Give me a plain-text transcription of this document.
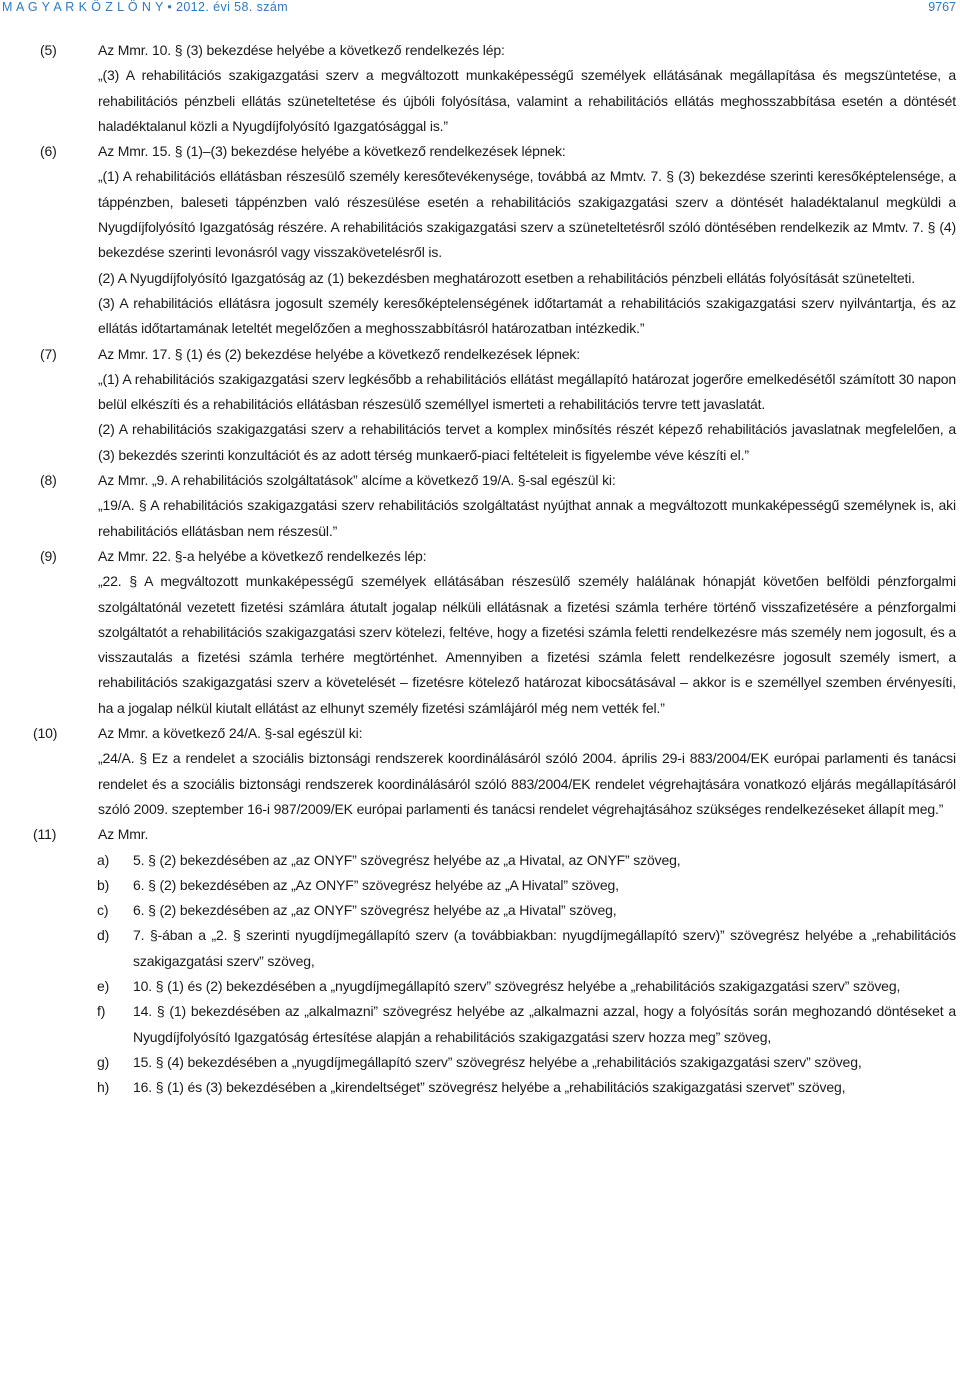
M A G Y A R K Ö Z L Ö N Y • 2012. évi 58. szám	9767
(5)	Az Mmr. 10. § (3) bekezdése helyébe a következő rendelkezés lép:

„(3) A rehabilitációs szakigazgatási szerv a megváltozott munkaképességű személyek ellátásának megállapítása és megszüntetése, a rehabilitációs pénzbeli ellátás szüneteltetése és újbóli folyósítása, valamint a rehabilitációs ellátás meghosszabbítása esetén a döntését haladéktalanul közli a Nyugdíjfolyósító Igazgatósággal is.”

(6)	Az Mmr. 15. § (1)–(3) bekezdése helyébe a következő rendelkezések lépnek:

„(1) A rehabilitációs ellátásban részesülő személy keresőtevékenysége, továbbá az Mmtv. 7. § (3) bekezdése szerinti keresőképtelensége, a táppénzben, baleseti táppénzben való részesülése esetén a rehabilitációs szakigazgatási szerv a döntését haladéktalanul megküldi a Nyugdíjfolyósító Igazgatóság részére. A rehabilitációs szakigazgatási szerv a szüneteltetésről szóló döntésében rendelkezik az Mmtv. 7. § (4) bekezdése szerinti levonásról vagy visszakövetelésről is.

(2) A Nyugdíjfolyósító Igazgatóság az (1) bekezdésben meghatározott esetben a rehabilitációs pénzbeli ellátás folyósítását szünetelteti.

(3) A rehabilitációs ellátásra jogosult személy keresőképtelenségének időtartamát a rehabilitációs szakigazgatási szerv nyilvántartja, és az ellátás időtartamának leteltét megelőzően a meghosszabbításról határozatban intézkedik.”

(7)	Az Mmr. 17. § (1) és (2) bekezdése helyébe a következő rendelkezések lépnek:

„(1) A rehabilitációs szakigazgatási szerv legkésőbb a rehabilitációs ellátást megállapító határozat jogerőre emelkedésétől számított 30 napon belül elkészíti és a rehabilitációs ellátásban részesülő személlyel ismerteti a rehabilitációs tervre tett javaslatát.

(2) A rehabilitációs szakigazgatási szerv a rehabilitációs tervet a komplex minősítés részét képező rehabilitációs javaslatnak megfelelően, a (3) bekezdés szerinti konzultációt és az adott térség munkaerő-piaci feltételeit is figyelembe véve készíti el.”

(8)	Az Mmr. „9. A rehabilitációs szolgáltatások” alcíme a következő 19/A. §-sal egészül ki:

„19/A. § A rehabilitációs szakigazgatási szerv rehabilitációs szolgáltatást nyújthat annak a megváltozott munkaképességű személynek is, aki rehabilitációs ellátásban nem részesül.”

(9)	Az Mmr. 22. §-a helyébe a következő rendelkezés lép:

„22. § A megváltozott munkaképességű személyek ellátásában részesülő személy halálának hónapját követően belföldi pénzforgalmi szolgáltatónál vezetett fizetési számlára átutalt jogalap nélküli ellátásnak a fizetési számla terhére történő visszafizetésére a pénzforgalmi szolgáltatót a rehabilitációs szakigazgatási szerv kötelezi, feltéve, hogy a fizetési számla feletti rendelkezésre más személy nem jogosult, és a visszautalás a fizetési számla terhére megtörténhet. Amennyiben a fizetési számla felett rendelkezésre jogosult személy ismert, a rehabilitációs szakigazgatási szerv a követelését – fizetésre kötelező határozat kibocsátásával – akkor is e személlyel szemben érvényesíti, ha a jogalap nélkül kiutalt ellátást az elhunyt személy fizetési számlájáról még nem vették fel.”

(10)	Az Mmr. a következő 24/A. §-sal egészül ki:

„24/A. § Ez a rendelet a szociális biztonsági rendszerek koordinálásáról szóló 2004. április 29-i 883/2004/EK európai parlamenti és tanácsi rendelet és a szociális biztonsági rendszerek koordinálásáról szóló 883/2004/EK rendelet végrehajtására vonatkozó eljárás megállapításáról szóló 2009. szeptember 16-i 987/2009/EK európai parlamenti és tanácsi rendelet végrehajtásához szükséges rendelkezéseket állapít meg.”

(11)	Az Mmr.

a)	5. § (2) bekezdésében az „az ONYF” szövegrész helyébe az „a Hivatal, az ONYF” szöveg,

b)	6. § (2) bekezdésében az „Az ONYF” szövegrész helyébe az „A Hivatal” szöveg,

c)	6. § (2) bekezdésében az „az ONYF” szövegrész helyébe az „a Hivatal” szöveg,

d)	7. §-ában a „2. § szerinti nyugdíjmegállapító szerv (a továbbiakban: nyugdíjmegállapító szerv)” szövegrész helyébe a „rehabilitációs szakigazgatási szerv” szöveg,

e)	10. § (1) és (2) bekezdésében a „nyugdíjmegállapító szerv” szövegrész helyébe a „rehabilitációs szakigazgatási szerv” szöveg,

f)	14. § (1) bekezdésében az „alkalmazni” szövegrész helyébe az „alkalmazni azzal, hogy a folyósítás során meghozandó döntéseket a Nyugdíjfolyósító Igazgatóság értesítése alapján a rehabilitációs szakigazgatási szerv hozza meg” szöveg,

g)	15. § (4) bekezdésében a „nyugdíjmegállapító szerv” szövegrész helyébe a „rehabilitációs szakigazgatási szerv” szöveg,

h)	16. § (1) és (3) bekezdésében a „kirendeltséget” szövegrész helyébe a „rehabilitációs szakigazgatási szervet” szöveg,
